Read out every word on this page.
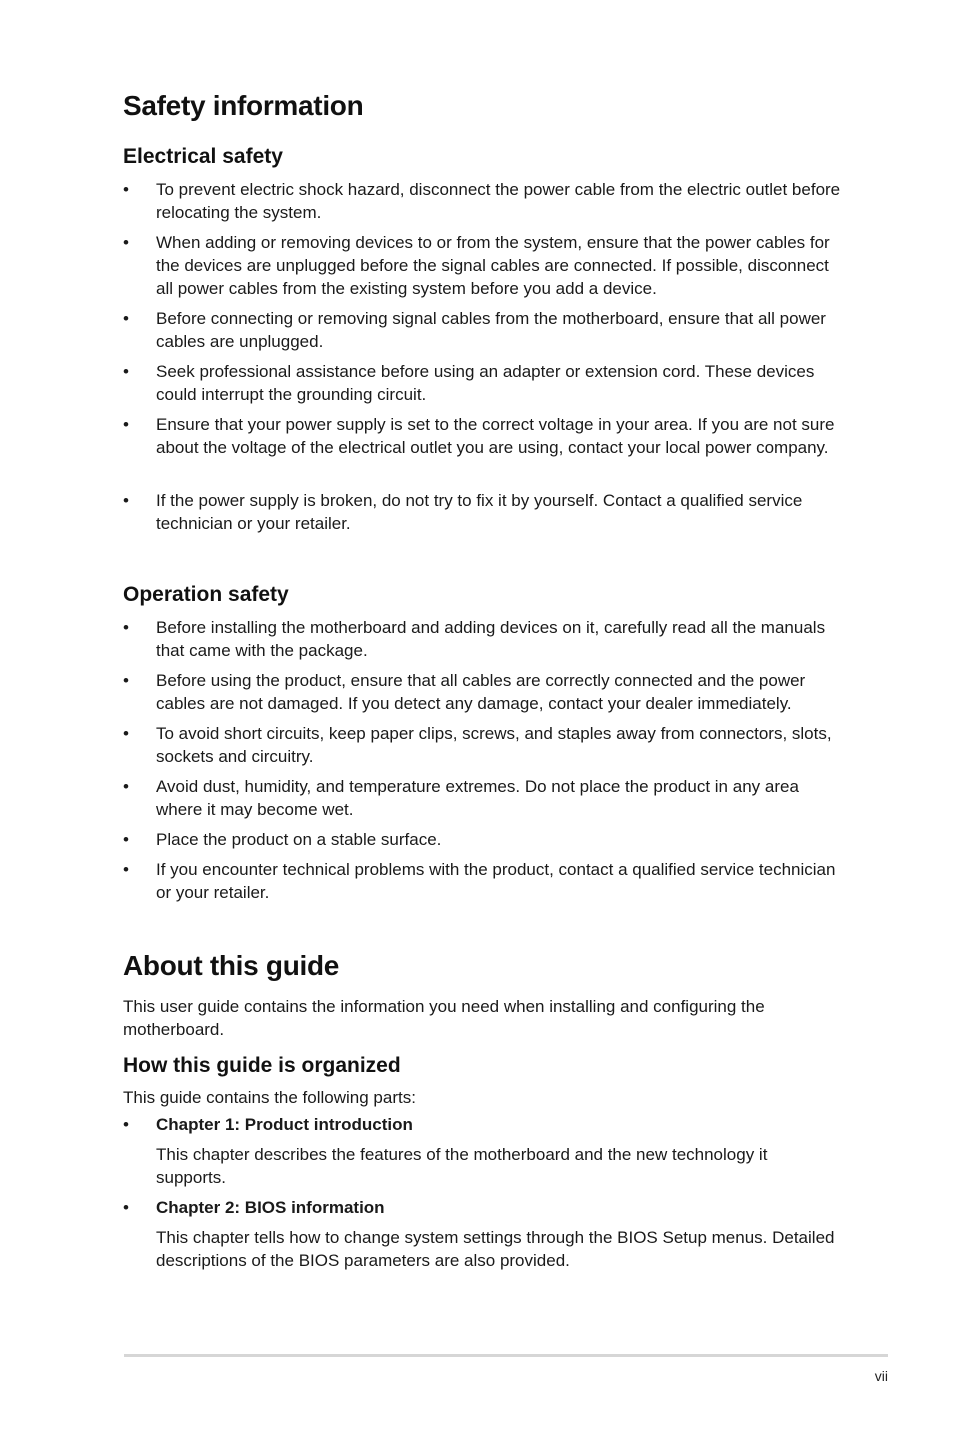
Safety information
Electrical safety
•	To prevent electric shock hazard, disconnect the power cable from the electric outlet before relocating the system.
•	When adding or removing devices to or from the system, ensure that the power cables for the devices are unplugged before the signal cables are connected. If possible, disconnect all power cables from the existing system before you add a device.
•	Before connecting or removing signal cables from the motherboard, ensure that all power cables are unplugged.
•	Seek professional assistance before using an adapter or extension cord. These devices could interrupt the grounding circuit.
•	Ensure that your power supply is set to the correct voltage in your area. If you are not sure about the voltage of the electrical outlet you are using, contact your local power company.
•	If the power supply is broken, do not try to fix it by yourself. Contact a qualified service technician or your retailer.
Operation safety
•	Before installing the motherboard and adding devices on it, carefully read all the manuals that came with the package.
•	Before using the product, ensure that all cables are correctly connected and the power cables are not damaged. If you detect any damage, contact your dealer immediately.
•	To avoid short circuits, keep paper clips, screws, and staples away from connectors, slots, sockets and circuitry.
•	Avoid dust, humidity, and temperature extremes. Do not place the product in any area where it may become wet.
•	Place the product on a stable surface.
•	If you encounter technical problems with the product, contact a qualified service technician or your retailer.
About this guide
This user guide contains the information you need when installing and configuring the motherboard.
How this guide is organized
This guide contains the following parts:
•	Chapter 1: Product introduction
This chapter describes the features of the motherboard and the new technology it supports.
•	Chapter 2: BIOS information
This chapter tells how to change system settings through the BIOS Setup menus. Detailed descriptions of the BIOS parameters are also provided.
vii
